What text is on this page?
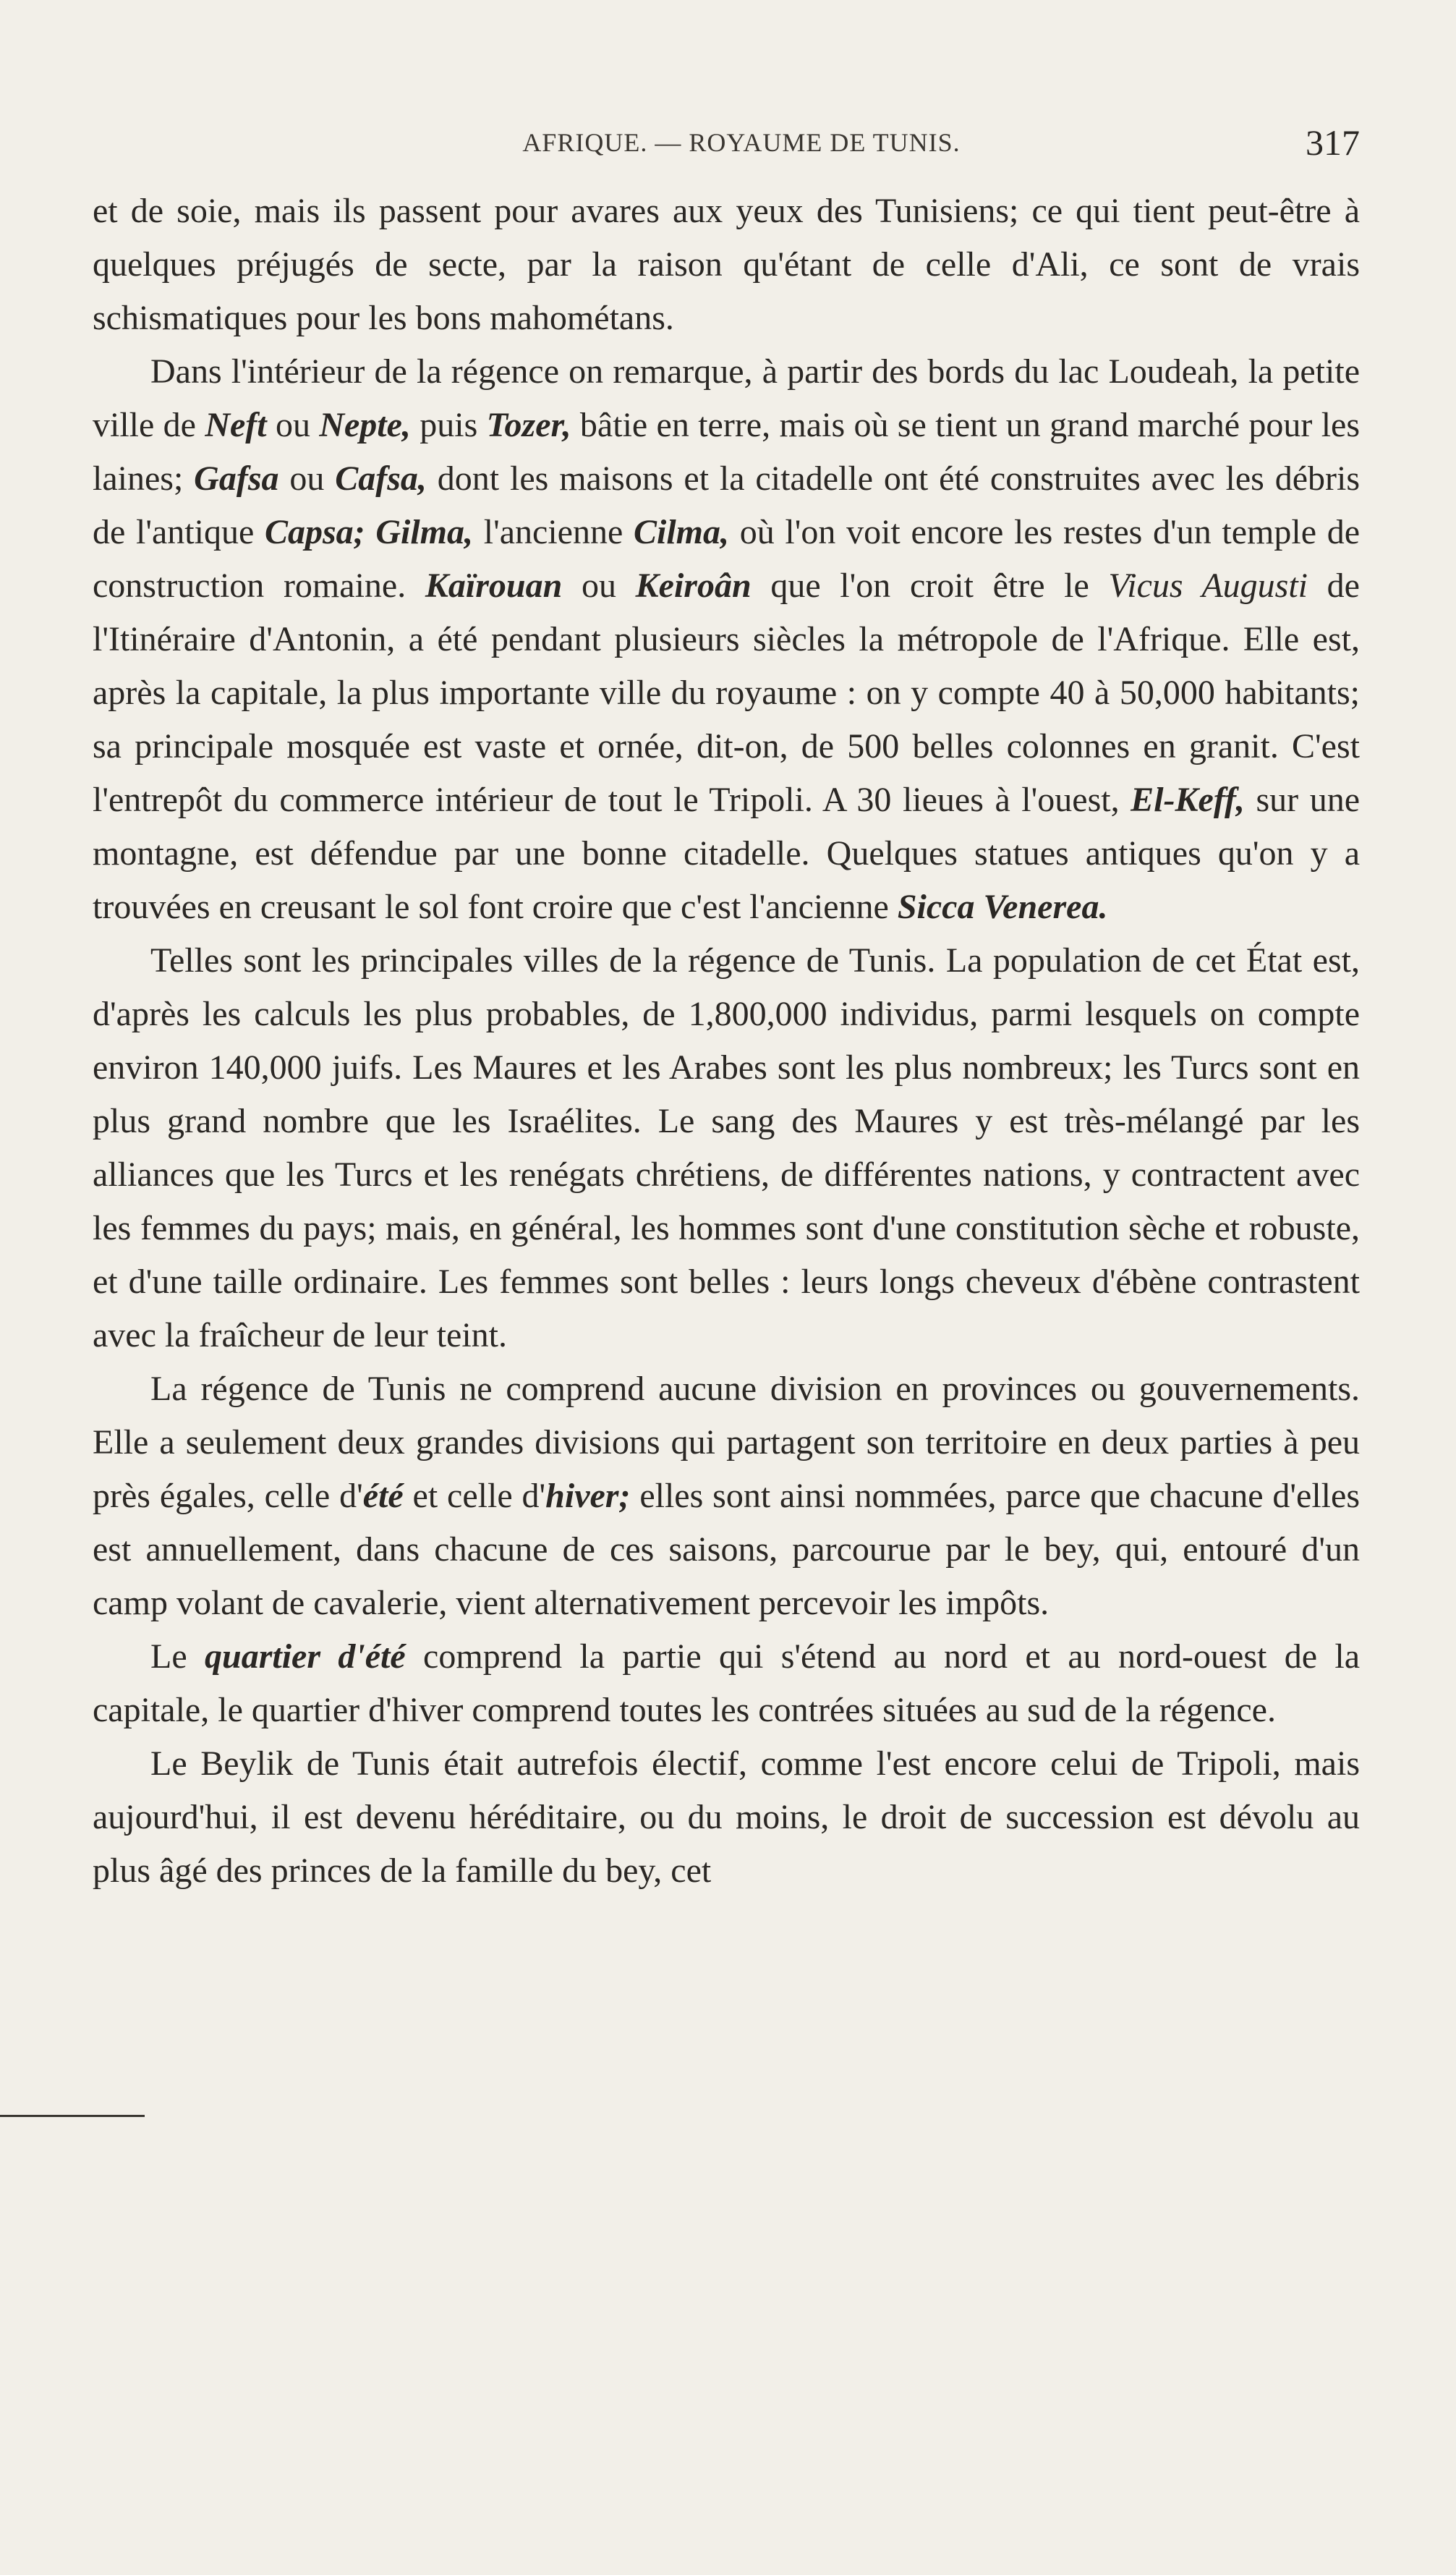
AFRIQUE. — ROYAUME DE TUNIS.	317

et de soie, mais ils passent pour avares aux yeux des Tunisiens; ce qui tient peut-être à quelques préjugés de secte, par la raison qu'étant de celle d'Ali, ce sont de vrais schismatiques pour les bons mahométans.

Dans l'intérieur de la régence on remarque, à partir des bords du lac Loudeah, la petite ville de Neft ou Nepte, puis Tozer, bâtie en terre, mais où se tient un grand marché pour les laines; Gafsa ou Cafsa, dont les maisons et la citadelle ont été construites avec les débris de l'antique Capsa; Gilma, l'ancienne Cilma, où l'on voit encore les restes d'un temple de construction romaine. Kaïrouan ou Keiroân que l'on croit être le Vicus Augusti de l'Itinéraire d'Antonin, a été pendant plusieurs siècles la métropole de l'Afrique. Elle est, après la capitale, la plus importante ville du royaume : on y compte 40 à 50,000 habitants; sa principale mosquée est vaste et ornée, dit-on, de 500 belles colonnes en granit. C'est l'entrepôt du commerce intérieur de tout le Tripoli. A 30 lieues à l'ouest, El-Keff, sur une montagne, est défendue par une bonne citadelle. Quelques statues antiques qu'on y a trouvées en creusant le sol font croire que c'est l'ancienne Sicca Venerea.

Telles sont les principales villes de la régence de Tunis. La population de cet État est, d'après les calculs les plus probables, de 1,800,000 individus, parmi lesquels on compte environ 140,000 juifs. Les Maures et les Arabes sont les plus nombreux; les Turcs sont en plus grand nombre que les Israélites. Le sang des Maures y est très-mélangé par les alliances que les Turcs et les renégats chrétiens, de différentes nations, y contractent avec les femmes du pays; mais, en général, les hommes sont d'une constitution sèche et robuste, et d'une taille ordinaire. Les femmes sont belles : leurs longs cheveux d'ébène contrastent avec la fraîcheur de leur teint.

La régence de Tunis ne comprend aucune division en provinces ou gouvernements. Elle a seulement deux grandes divisions qui partagent son territoire en deux parties à peu près égales, celle d'été et celle d'hiver; elles sont ainsi nommées, parce que chacune d'elles est annuellement, dans chacune de ces saisons, parcourue par le bey, qui, entouré d'un camp volant de cavalerie, vient alternativement percevoir les impôts.

Le quartier d'été comprend la partie qui s'étend au nord et au nord-ouest de la capitale, le quartier d'hiver comprend toutes les contrées situées au sud de la régence.

Le Beylik de Tunis était autrefois électif, comme l'est encore celui de Tripoli, mais aujourd'hui, il est devenu héréditaire, ou du moins, le droit de succession est dévolu au plus âgé des princes de la famille du bey, cet
